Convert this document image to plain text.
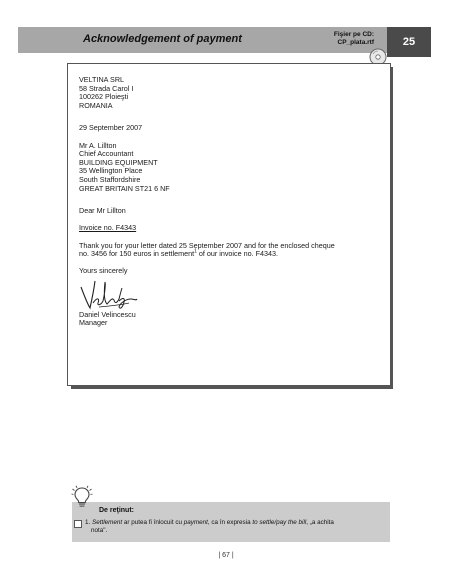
Acknowledgement of payment	Fişier pe CD:
CP_plata.rtf	25
VELTINA SRL
58 Strada Carol I
100262 Ploieşti
ROMANIA
29 September 2007
Mr A. Lillton
Chief Accountant
BUILDING EQUIPMENT
35 Wellington Place
South Staffordshire
GREAT BRITAIN ST21 6 NF
Dear Mr Lillton
Invoice no. F4343
Thank you for your letter dated 25 September 2007 and for the enclosed cheque
no. 3456 for 150 euros in settlement$^1$ of our invoice no. F4343.
Yours sincerely
Daniel Velincescu
Manager
De reţinut:
1. Settlement ar putea fi înlocuit cu payment, ca în expresia to settle/pay the bill, „a achita
nota".
| 67 |
